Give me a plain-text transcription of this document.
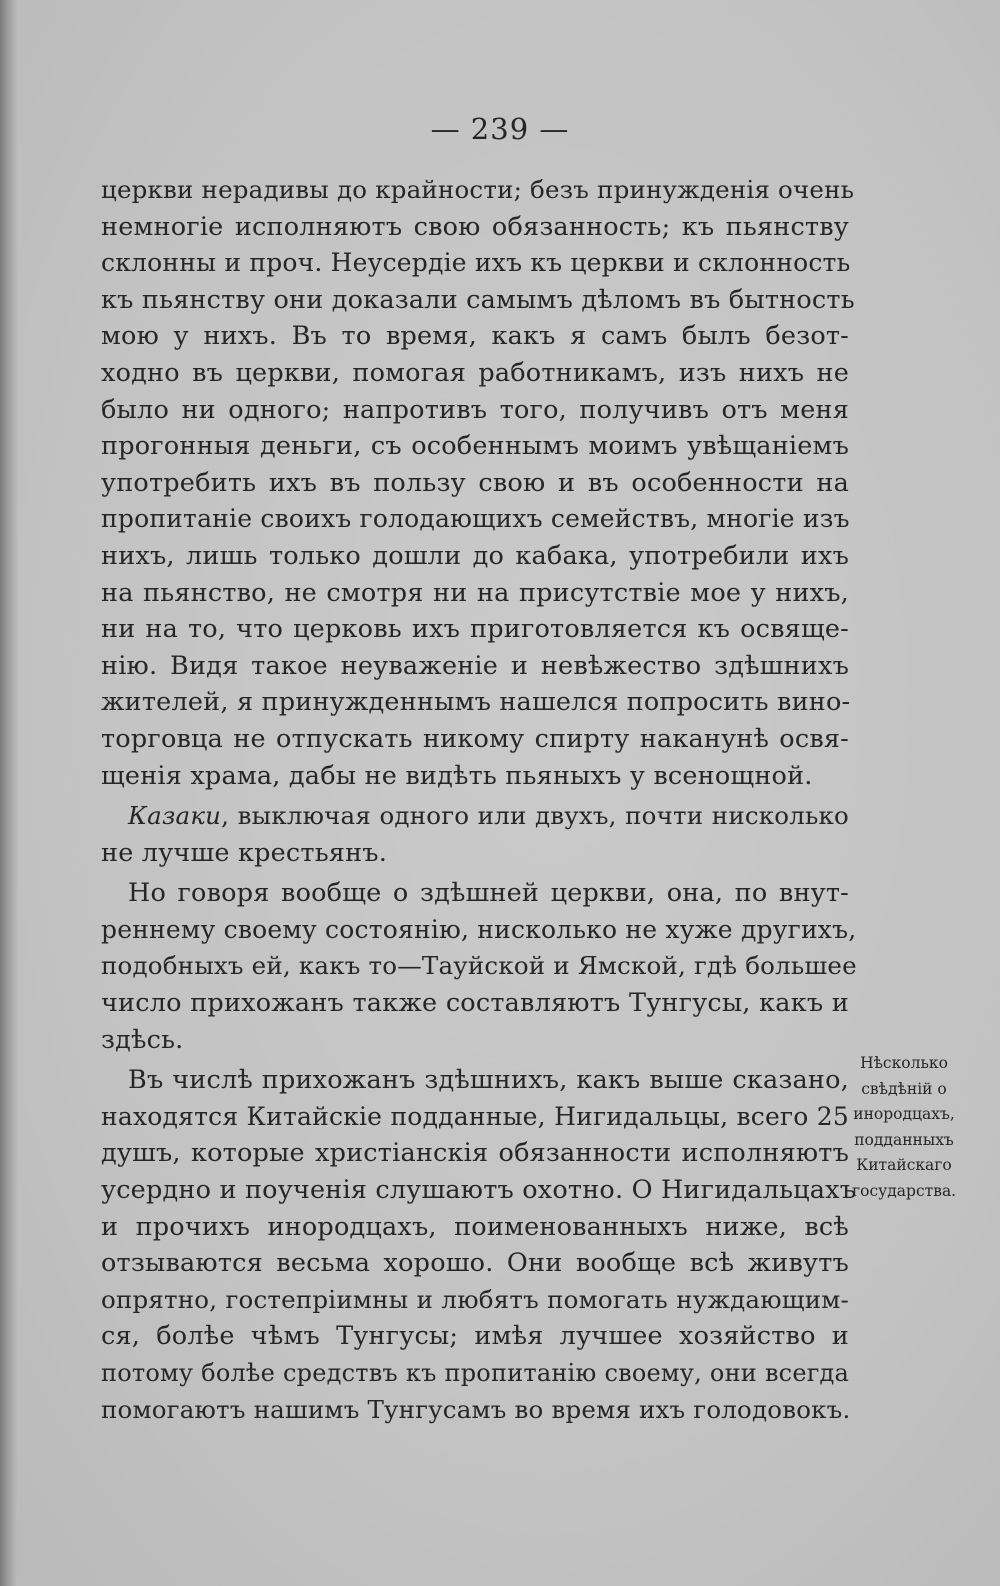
— 239 —
церкви нерадивы до крайности; безъ принужденія очень
немногіе исполняютъ свою обязанность; къ пьянству
склонны и проч. Неусердіе ихъ къ церкви и склонность
къ пьянству они доказали самымъ дѣломъ въ бытность
мою у нихъ. Въ то время, какъ я самъ былъ безот-
ходно въ церкви, помогая работникамъ, изъ нихъ не
было ни одного; напротивъ того, получивъ отъ меня
прогонныя деньги, съ особеннымъ моимъ увѣщаніемъ
употребить ихъ въ пользу свою и въ особенности на
пропитаніе своихъ голодающихъ семействъ, многіе изъ
нихъ, лишь только дошли до кабака, употребили ихъ
на пьянство, не смотря ни на присутствіе мое у нихъ,
ни на то, что церковь ихъ приготовляется къ освяще-
нію. Видя такое неуваженіе и невѣжество здѣшнихъ
жителей, я принужденнымъ нашелся попросить вино-
торговца не отпускать никому спирту наканунѣ освя-
щенія храма, дабы не видѣть пьяныхъ у всенощной.
Казаки, выключая одного или двухъ, почти нисколько
не лучше крестьянъ.
Но говоря вообще о здѣшней церкви, она, по внут-
реннему своему состоянію, нисколько не хуже другихъ,
подобныхъ ей, какъ то—Тауйской и Ямской, гдѣ большее
число прихожанъ также составляютъ Тунгусы, какъ и
здѣсь.
Въ числѣ прихожанъ здѣшнихъ, какъ выше сказано,
находятся Китайскіе подданные, Нигидальцы, всего 25
душъ, которые христіанскія обязанности исполняютъ
усердно и поученія слушаютъ охотно. О Нигидальцахъ
и прочихъ инородцахъ, поименованныхъ ниже, всѣ
отзываются весьма хорошо. Они вообще всѣ живутъ
опрятно, гостепріимны и любятъ помогать нуждающим-
ся, болѣе чѣмъ Тунгусы; имѣя лучшее хозяйство и
потому болѣе средствъ къ пропитанію своему, они всегда
помогаютъ нашимъ Тунгусамъ во время ихъ голодовокъ.
Нѣсколько
свѣдѣній о
инородцахъ,
подданныхъ
Китайскаго
государства.
